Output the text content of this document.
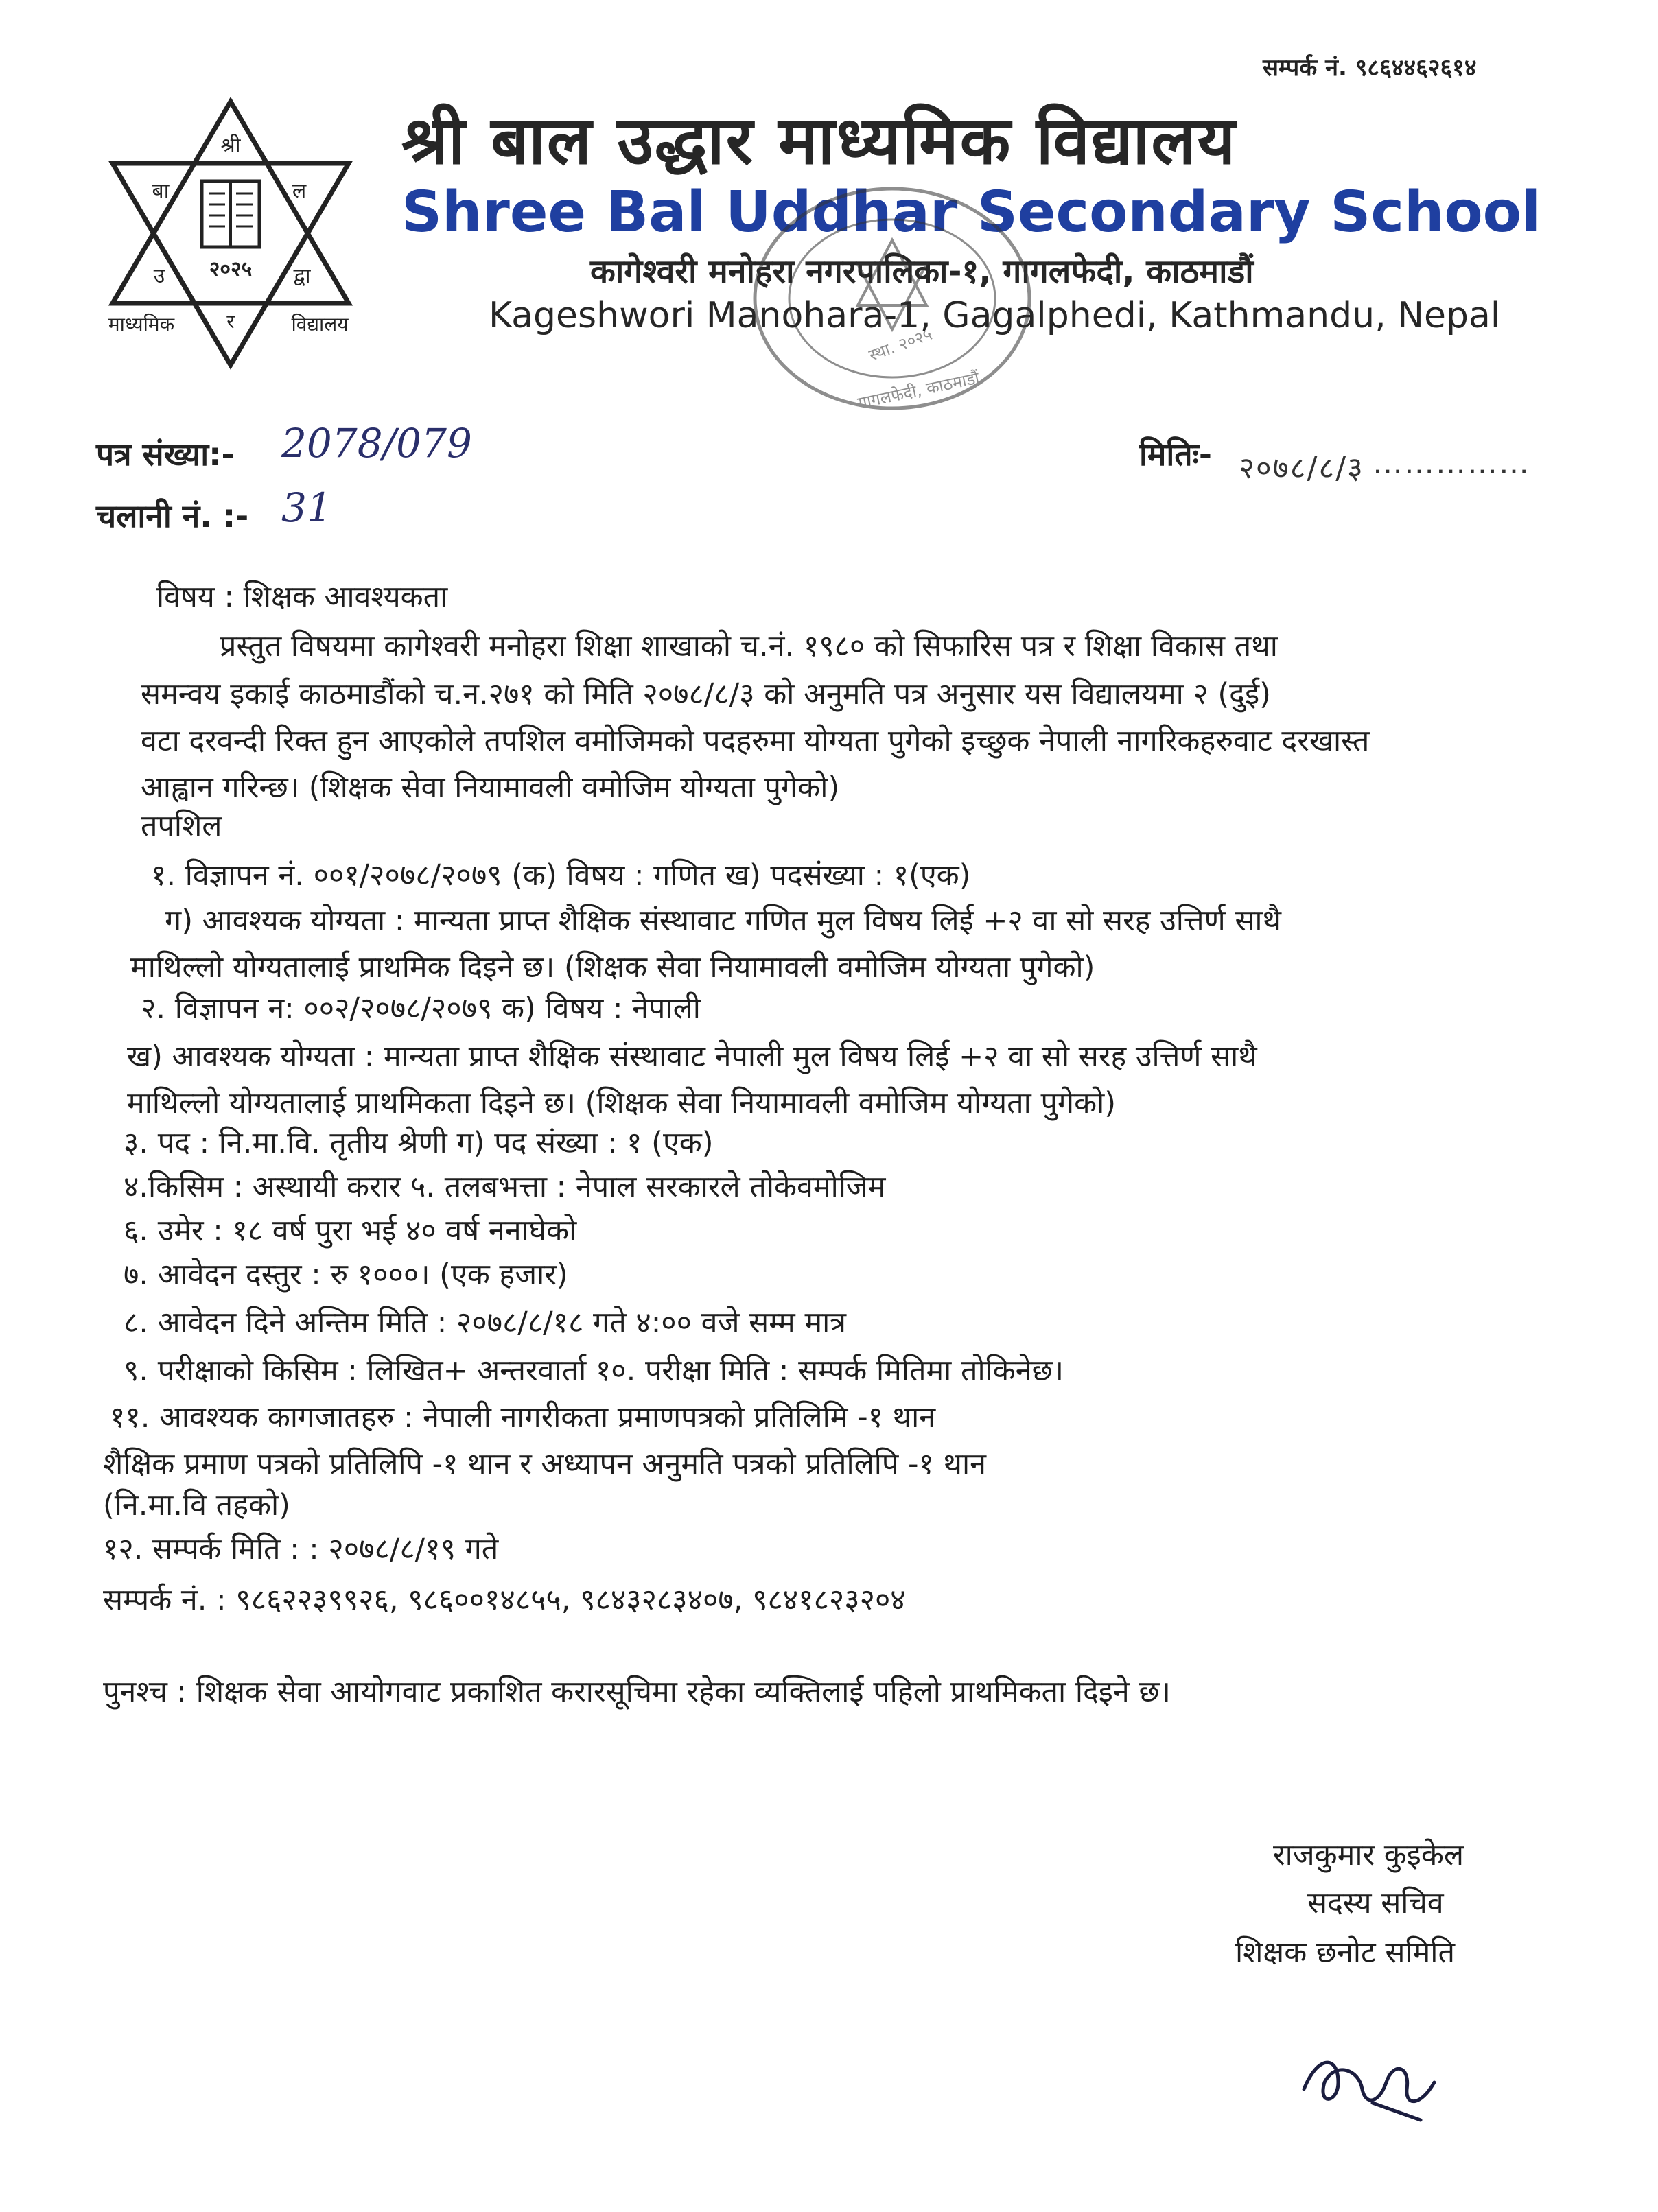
सम्पर्क नं. ९८६४४६२६१४
श्री
बा	ल
उ	द्वा
२०२५
माध्यमिक	र	विद्यालय
श्री बाल उद्धार माध्यमिक विद्यालय
Shree Bal Uddhar Secondary School
कागेश्वरी मनोहरा नगरपालिका-१, गागलफेदी, काठमाडौं
Kageshwori Manohara-1, Gagalphedi, Kathmandu, Nepal
स्था. २०२५
गागलफेदी, काठमाडौं
पत्र संख्या:- 2078/079
चलानी नं. :- 31
मितिः- २०७८/८/३ ……………
विषय : शिक्षक आवश्यकता
प्रस्तुत विषयमा कागेश्वरी मनोहरा शिक्षा शाखाको च.नं. १९८० को सिफारिस पत्र र शिक्षा विकास तथा
समन्वय इकाई काठमाडौंको च.न.२७१ को मिति २०७८/८/३ को अनुमति पत्र अनुसार यस विद्यालयमा २ (दुई)
वटा दरवन्दी रिक्त हुन आएकोले तपशिल वमोजिमको पदहरुमा योग्यता पुगेको इच्छुक नेपाली नागरिकहरुवाट दरखास्त
आह्वान गरिन्छ। (शिक्षक सेवा नियामावली वमोजिम योग्यता पुगेको)
तपशिल
१. विज्ञापन नं. ००१/२०७८/२०७९ (क) विषय : गणित ख) पदसंख्या : १(एक)
ग) आवश्यक योग्यता : मान्यता प्राप्त शैक्षिक संस्थावाट गणित मुल विषय लिई +२ वा सो सरह उत्तिर्ण साथै
माथिल्लो योग्यतालाई प्राथमिक दिइने छ। (शिक्षक सेवा नियामावली वमोजिम योग्यता पुगेको)
२. विज्ञापन न: ००२/२०७८/२०७९ क) विषय : नेपाली
ख) आवश्यक योग्यता : मान्यता प्राप्त शैक्षिक संस्थावाट नेपाली मुल विषय लिई +२ वा सो सरह उत्तिर्ण साथै
माथिल्लो योग्यतालाई प्राथमिकता दिइने छ। (शिक्षक सेवा नियामावली वमोजिम योग्यता पुगेको)
३. पद : नि.मा.वि. तृतीय श्रेणी ग) पद संख्या : १ (एक)
४.किसिम : अस्थायी करार ५. तलबभत्ता : नेपाल सरकारले तोकेवमोजिम
६. उमेर : १८ वर्ष पुरा भई ४० वर्ष ननाघेको
७. आवेदन दस्तुर : रु १०००। (एक हजार)
८. आवेदन दिने अन्तिम मिति : २०७८/८/१८ गते ४:०० वजे सम्म मात्र
९. परीक्षाको किसिम : लिखित+ अन्तरवार्ता १०. परीक्षा मिति : सम्पर्क मितिमा तोकिनेछ।
११. आवश्यक कागजातहरु : नेपाली नागरीकता प्रमाणपत्रको प्रतिलिमि -१ थान
शैक्षिक प्रमाण पत्रको प्रतिलिपि -१ थान र अध्यापन अनुमति पत्रको प्रतिलिपि -१ थान
(नि.मा.वि तहको)
१२. सम्पर्क मिति : : २०७८/८/१९ गते
सम्पर्क नं. : ९८६२२३९९२६, ९८६००१४८५५, ९८४३२८३४०७, ९८४१८२३२०४
पुनश्च : शिक्षक सेवा आयोगवाट प्रकाशित करारसूचिमा रहेका व्यक्तिलाई पहिलो प्राथमिकता दिइने छ।
राजकुमार कुइकेल
सदस्य सचिव
शिक्षक छनोट समिति
